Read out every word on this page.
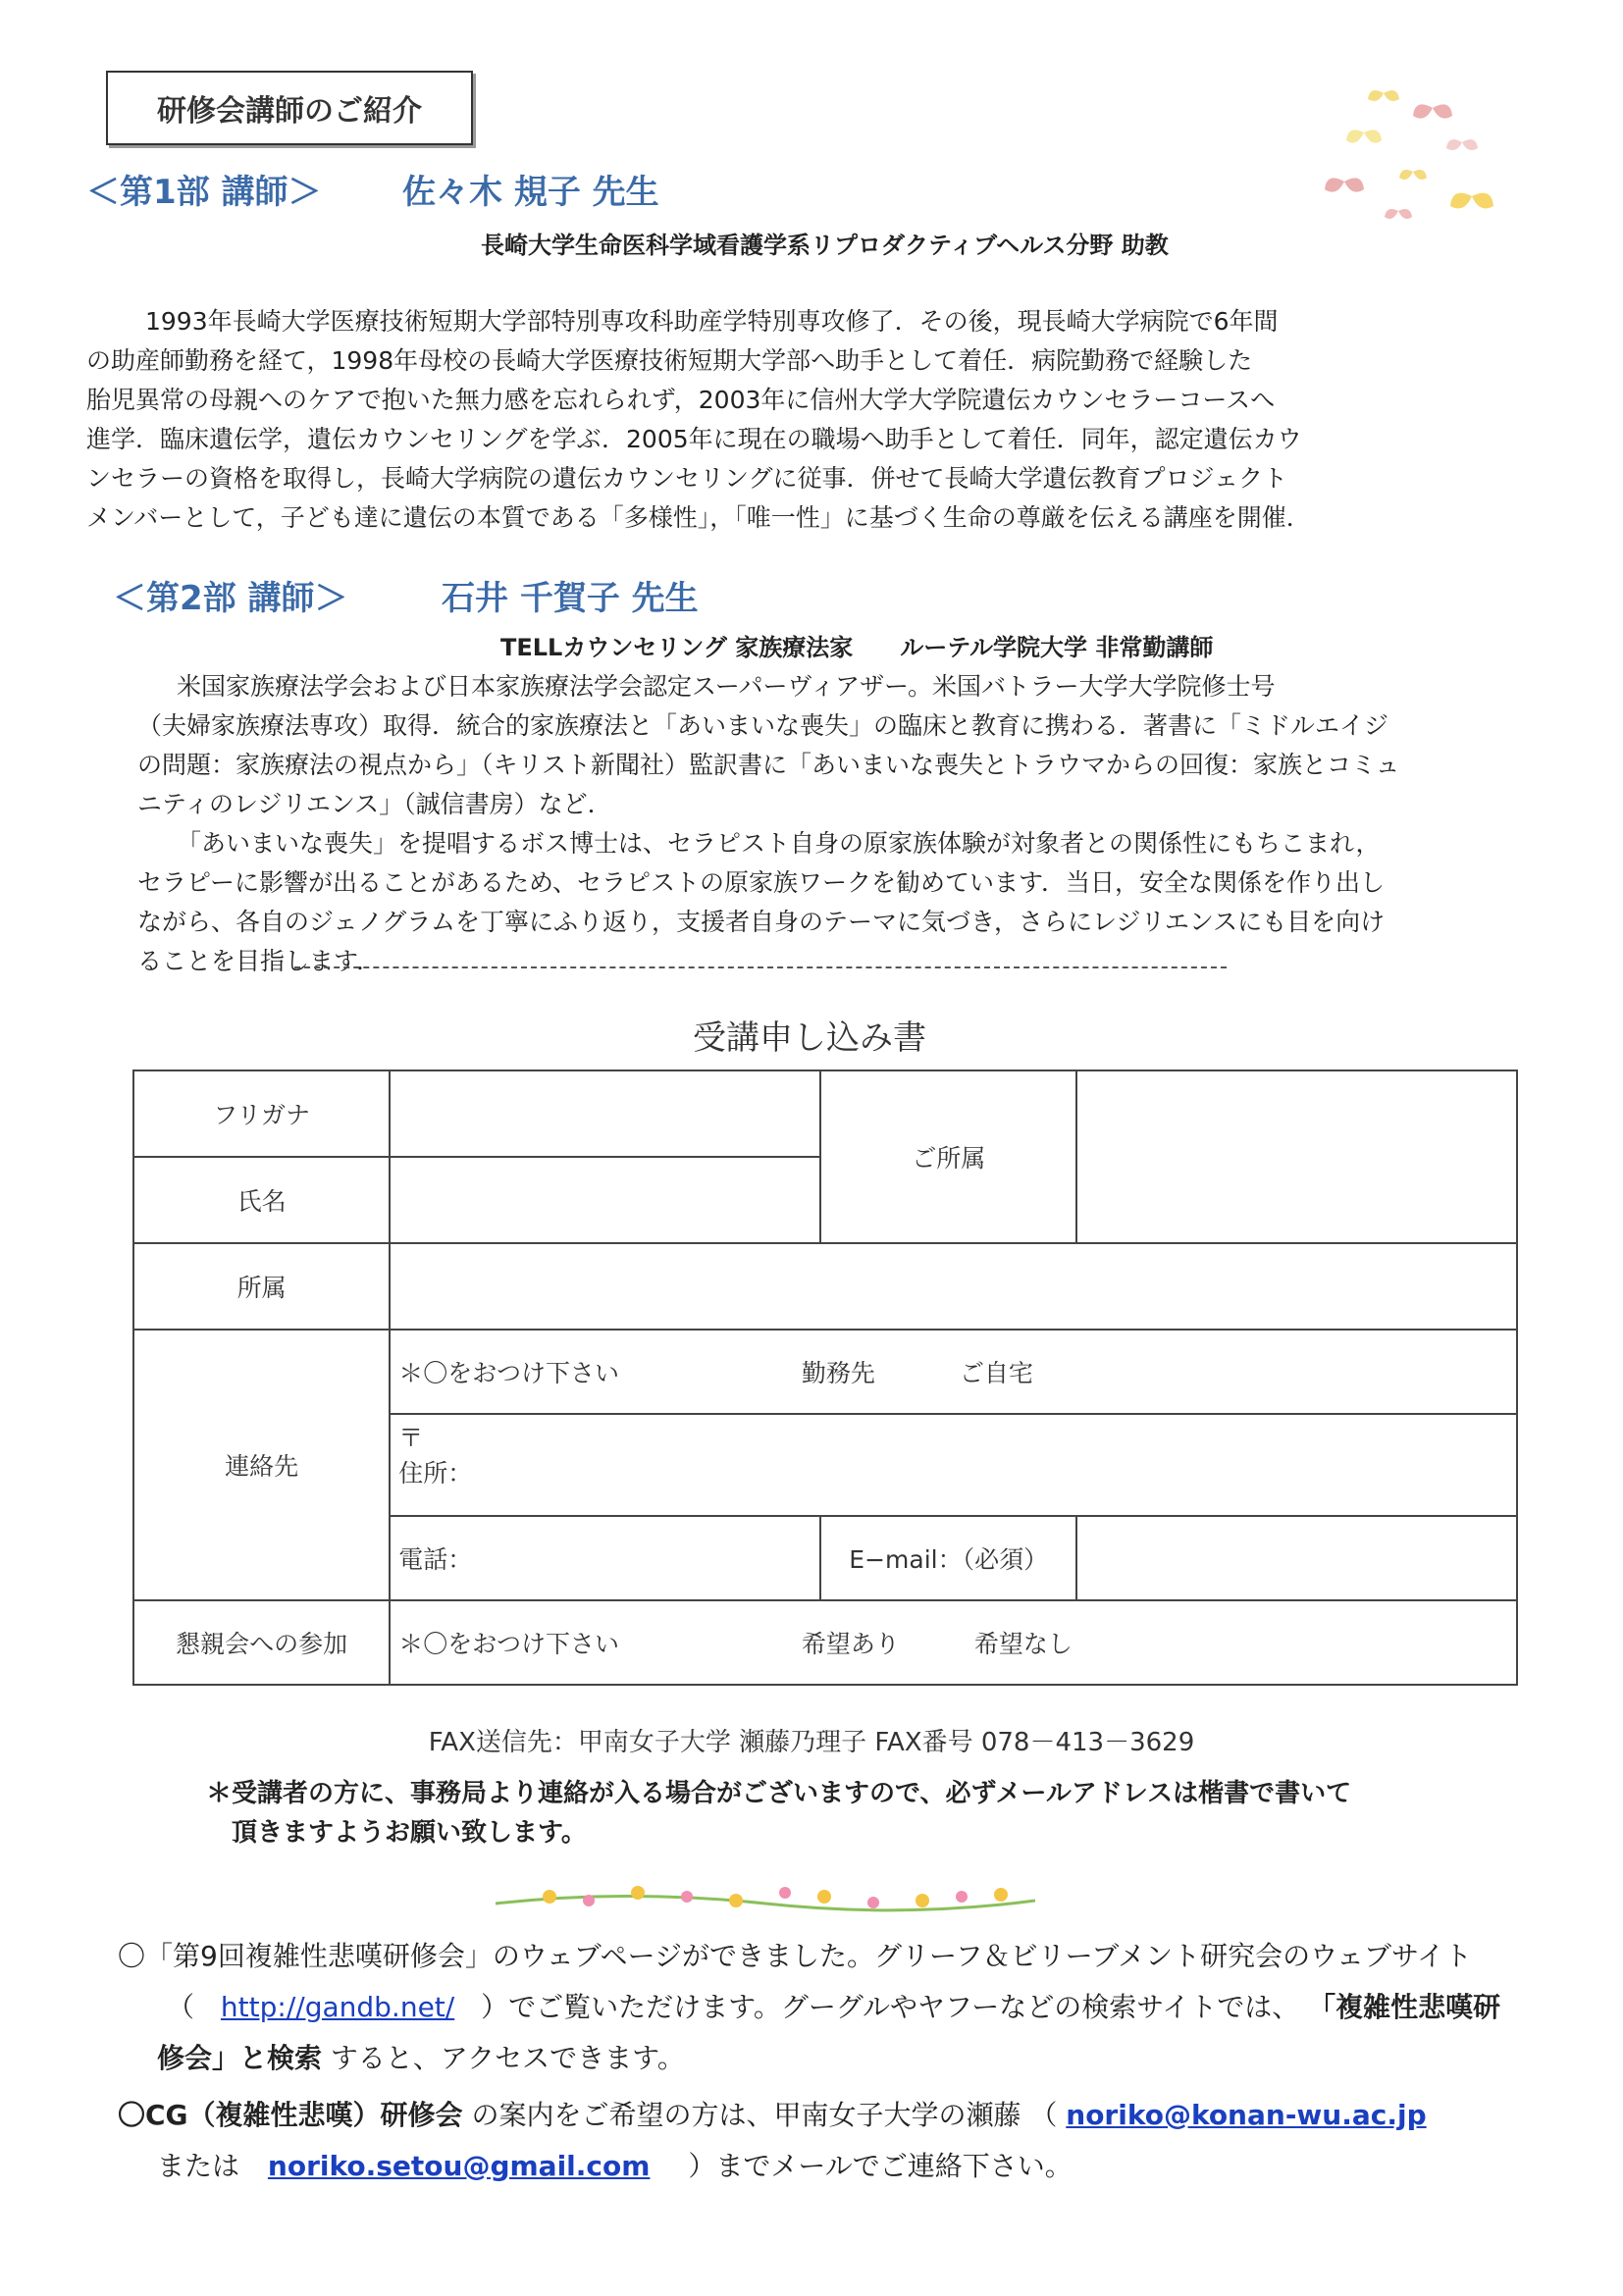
研修会講師のご紹介
＜第1部 講師＞ 佐々木 規子 先生
長崎大学生命医科学域看護学系リプロダクティブヘルス分野 助教

1993年長崎大学医療技術短期大学部特別専攻科助産学特別専攻修了．その後，現長崎大学病院で6年間

の助産師勤務を経て，1998年母校の長崎大学医療技術短期大学部へ助手として着任．病院勤務で経験した

胎児異常の母親へのケアで抱いた無力感を忘れられず，2003年に信州大学大学院遺伝カウンセラーコースへ

進学．臨床遺伝学，遺伝カウンセリングを学ぶ．2005年に現在の職場へ助手として着任．同年，認定遺伝カウ

ンセラーの資格を取得し，長崎大学病院の遺伝カウンセリングに従事．併せて長崎大学遺伝教育プロジェクト

メンバーとして，子ども達に遺伝の本質である「多様性」，「唯一性」に基づく生命の尊厳を伝える講座を開催．

＜第2部 講師＞	石井 千賀子 先生
TELLカウンセリング 家族療法家　　ルーテル学院大学 非常勤講師

米国家族療法学会および日本家族療法学会認定スーパーヴィアザー。米国バトラー大学大学院修士号

（夫婦家族療法専攻）取得．統合的家族療法と「あいまいな喪失」の臨床と教育に携わる．著書に「ミドルエイジ

の問題：家族療法の視点から」（キリスト新聞社）監訳書に「あいまいな喪失とトラウマからの回復：家族とコミュ

ニティのレジリエンス」（誠信書房）など．

「あいまいな喪失」を提唱するボス博士は、セラピスト自身の原家族体験が対象者との関係性にもちこまれ，

セラピーに影響が出ることがあるため、セラピストの原家族ワークを勧めています．当日，安全な関係を作り出し

ながら、各自のジェノグラムを丁寧にふり返り，支援者自身のテーマに気づき，さらにレジリエンスにも目を向け

ることを目指します．

受講申し込み書
フリガナ		ご所属	
氏名			
所属			
連絡先	＊〇をおつけ下さい 勤務先 ご自宅		

	〒
住所：		

	電話：	E−mail：（必須）	
懇親会への参加	＊〇をおつけ下さい 希望あり 希望なし		
FAX送信先：甲南女子大学 瀬藤乃理子 FAX番号 078－413－3629
＊受講者の方に、事務局より連絡が入る場合がございますので、必ずメールアドレスは楷書で書いて
頂きますようお願い致します。
〇「第9回複雑性悲嘆研修会」のウェブページができました。グリーフ＆ビリーブメント研究会のウェブサイト
（ http://gandb.net/ ）でご覧いただけます。グーグルやヤフーなどの検索サイトでは、 「複雑性悲嘆研
修会」と検索 すると、アクセスできます。
〇CG（複雑性悲嘆）研修会 の案内をご希望の方は、甲南女子大学の瀬藤 （ noriko@konan-wu.ac.jp
または noriko.setou@gmail.com ）までメールでご連絡下さい。
